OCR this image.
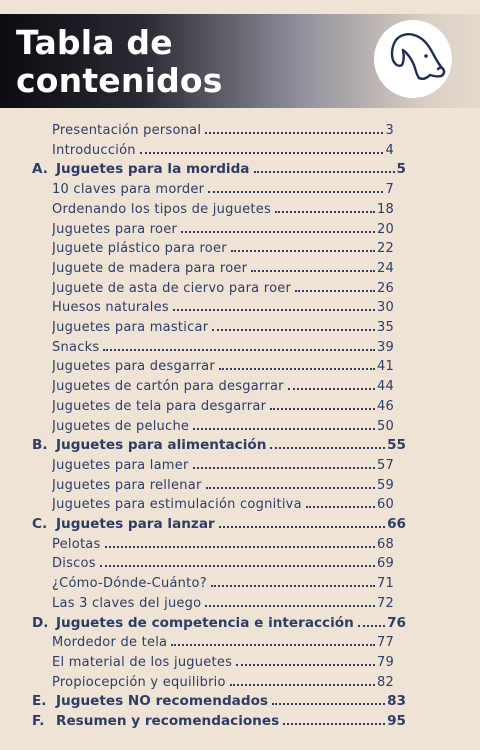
Tabla de
contenidos
Presentación personal	3
Introducción	4
A. Juguetes para la mordida	5
10 claves para morder	7
Ordenando los tipos de juguetes	18
Juguetes para roer	20
Juguete plástico para roer	22
Juguete de madera para roer	24
Juguete de asta de ciervo para roer	26
Huesos naturales	30
Juguetes para masticar	35
Snacks	39
Juguetes para desgarrar	41
Juguetes de cartón para desgarrar	44
Juguetes de tela para desgarrar	46
Juguetes de peluche	50
B. Juguetes para alimentación	55
Juguetes para lamer	57
Juguetes para rellenar	59
Juguetes para estimulación cognitiva	60
C. Juguetes para lanzar	66
Pelotas	68
Discos	69
¿Cómo-Dónde-Cuánto?	71
Las 3 claves del juego	72
D. Juguetes de competencia e interacción 76
Mordedor de tela	77
El material de los juguetes	79
Propiocepción y equilibrio	82
E. Juguetes NO recomendados	83
F. Resumen y recomendaciones	95
